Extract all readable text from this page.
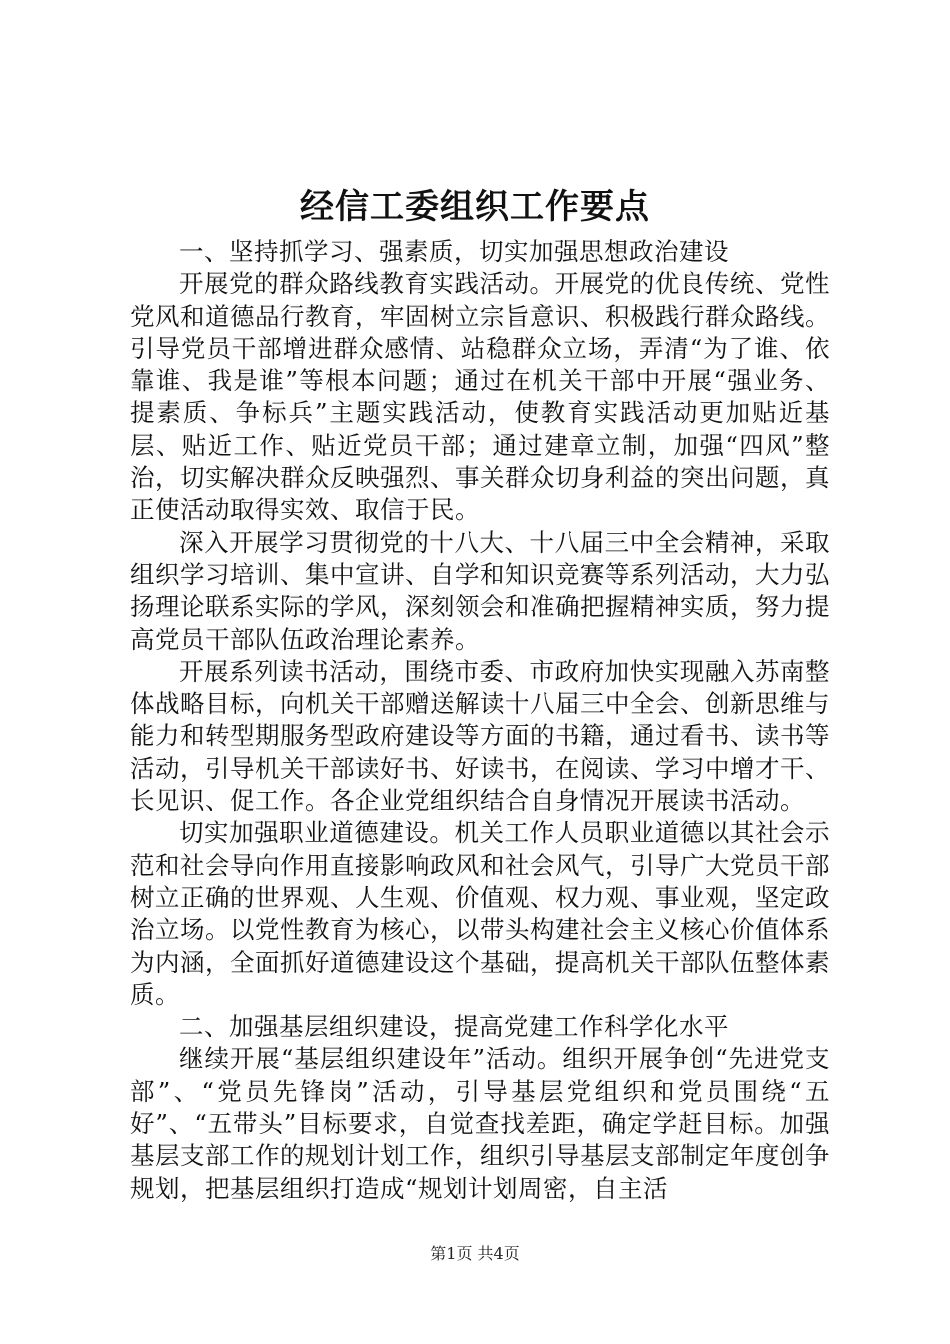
经信工委组织工作要点

一、坚持抓学习、强素质，切实加强思想政治建设

开展党的群众路线教育实践活动。开展党的优良传统、党性党风和道德品行教育，牢固树立宗旨意识、积极践行群众路线。引导党员干部增进群众感情、站稳群众立场，弄清“为了谁、依靠谁、我是谁”等根本问题；通过在机关干部中开展“强业务、提素质、争标兵”主题实践活动，使教育实践活动更加贴近基层、贴近工作、贴近党员干部；通过建章立制，加强“四风”整治，切实解决群众反映强烈、事关群众切身利益的突出问题，真正使活动取得实效、取信于民。

深入开展学习贯彻党的十八大、十八届三中全会精神，采取组织学习培训、集中宣讲、自学和知识竞赛等系列活动，大力弘扬理论联系实际的学风，深刻领会和准确把握精神实质，努力提高党员干部队伍政治理论素养。

开展系列读书活动，围绕市委、市政府加快实现融入苏南整体战略目标，向机关干部赠送解读十八届三中全会、创新思维与能力和转型期服务型政府建设等方面的书籍，通过看书、读书等活动，引导机关干部读好书、好读书，在阅读、学习中增才干、长见识、促工作。各企业党组织结合自身情况开展读书活动。

切实加强职业道德建设。机关工作人员职业道德以其社会示范和社会导向作用直接影响政风和社会风气，引导广大党员干部树立正确的世界观、人生观、价值观、权力观、事业观，坚定政治立场。以党性教育为核心，以带头构建社会主义核心价值体系为内涵，全面抓好道德建设这个基础，提高机关干部队伍整体素质。

二、加强基层组织建设，提高党建工作科学化水平

继续开展“基层组织建设年”活动。组织开展争创“先进党支部”、“党员先锋岗”活动，引导基层党组织和党员围绕“五好”、“五带头”目标要求，自觉查找差距，确定学赶目标。加强基层支部工作的规划计划工作，组织引导基层支部制定年度创争规划，把基层组织打造成“规划计划周密，自主活

第1页 共4页
